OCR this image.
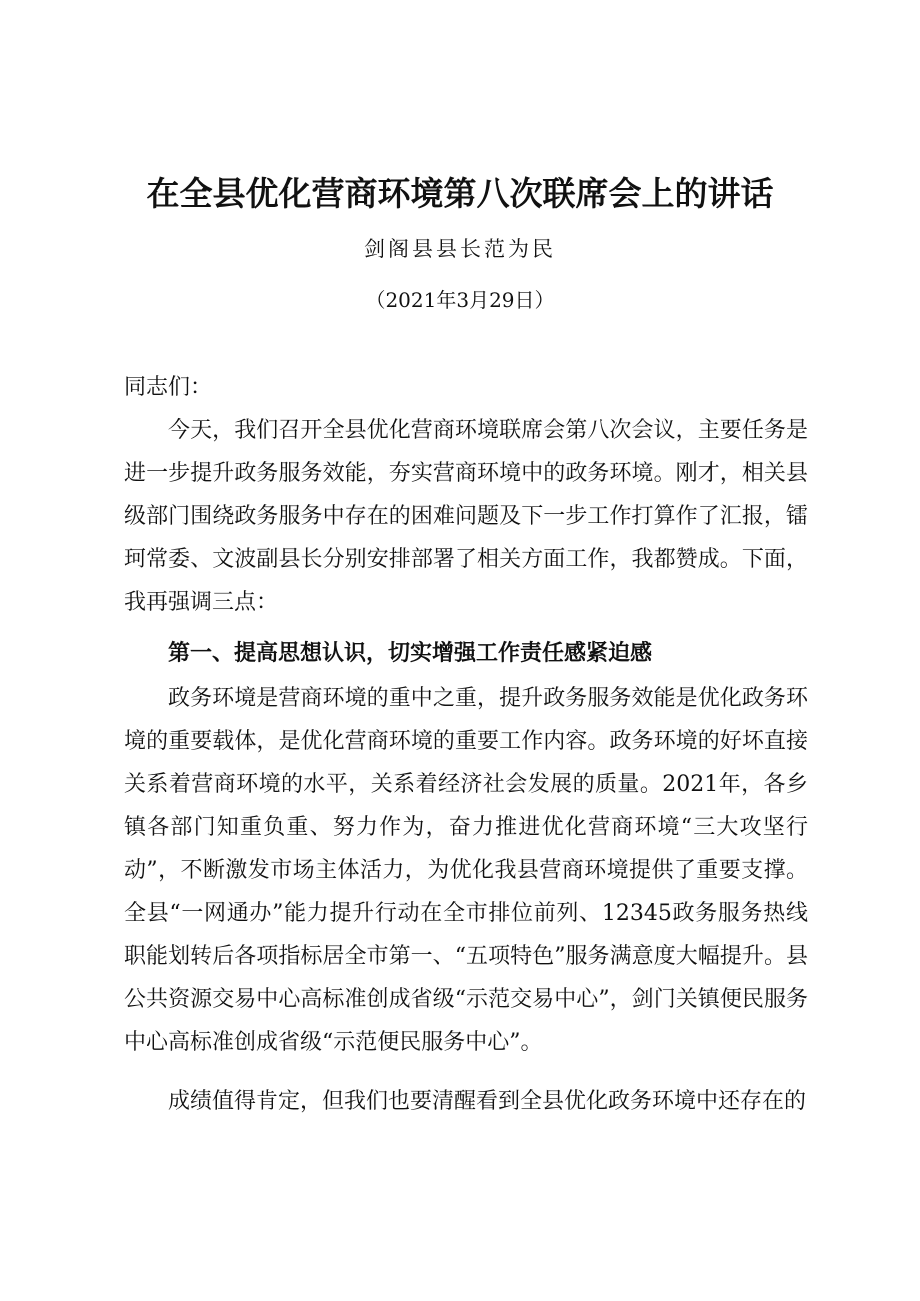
在全县优化营商环境第八次联席会上的讲话
剑阁县县长范为民
（2021年3月29日）
同志们：
今天，我们召开全县优化营商环境联席会第八次会议，主要任务是进一步提升政务服务效能，夯实营商环境中的政务环境。刚才，相关县级部门围绕政务服务中存在的困难问题及下一步工作打算作了汇报，镭珂常委、文波副县长分别安排部署了相关方面工作，我都赞成。下面，我再强调三点：
第一、提高思想认识，切实增强工作责任感紧迫感
政务环境是营商环境的重中之重，提升政务服务效能是优化政务环境的重要载体，是优化营商环境的重要工作内容。政务环境的好坏直接关系着营商环境的水平，关系着经济社会发展的质量。2021年，各乡镇各部门知重负重、努力作为，奋力推进优化营商环境“三大攻坚行动”，不断激发市场主体活力，为优化我县营商环境提供了重要支撑。全县“一网通办”能力提升行动在全市排位前列、12345政务服务热线职能划转后各项指标居全市第一、“五项特色”服务满意度大幅提升。县公共资源交易中心高标准创成省级“示范交易中心”，剑门关镇便民服务中心高标准创成省级“示范便民服务中心”。
成绩值得肯定，但我们也要清醒看到全县优化政务环境中还存在的
